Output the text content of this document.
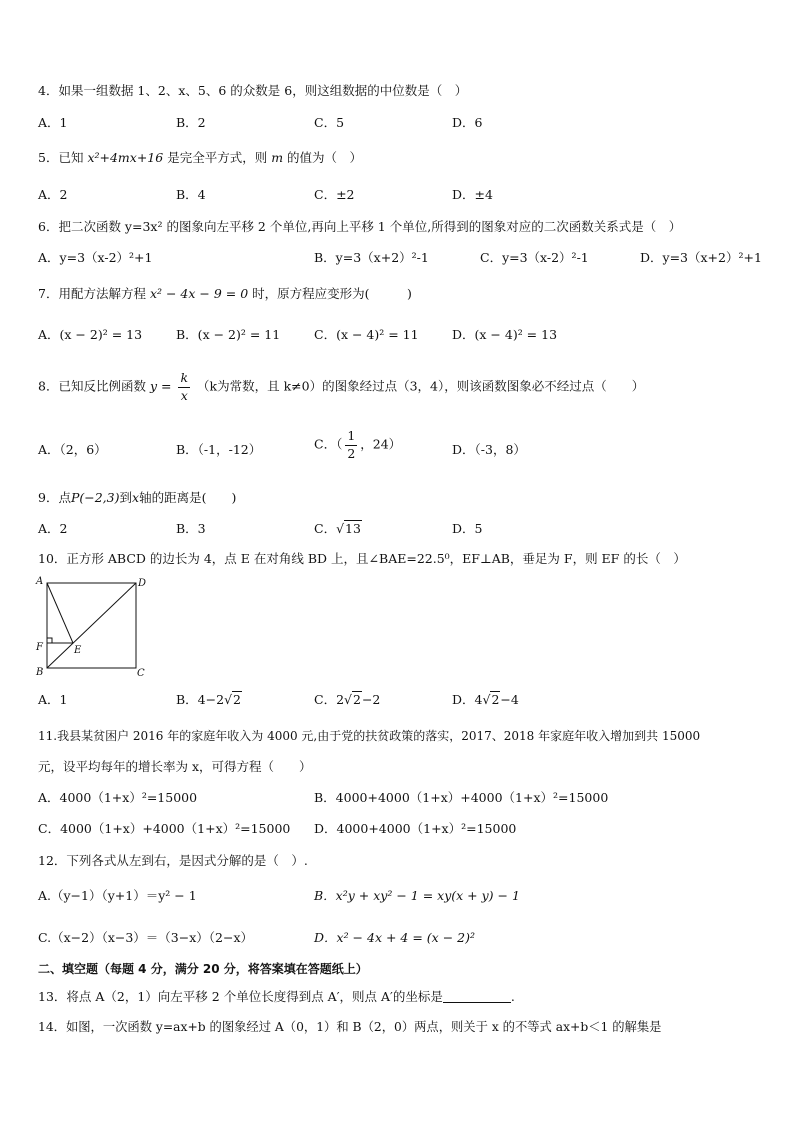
4．如果一组数据 1、2、x、5、6 的众数是 6，则这组数据的中位数是（　）
A．1	B．2	C．5	D．6
5．已知 x²+4mx+16 是完全平方式，则 m 的值为（　）
A．2	B．4	C．±2	D．±4
6．把二次函数 y=3x² 的图象向左平移 2 个单位,再向上平移 1 个单位,所得到的图象对应的二次函数关系式是（　）
A．y=3（x-2）²+1	B．y=3（x+2）²-1	C．y=3（x-2）²-1	D．y=3（x+2）²+1
7．用配方法解方程 x² − 4x − 9 = 0 时，原方程应变形为(　　　)
A．(x − 2)² = 13	B．(x − 2)² = 11	C．(x − 4)² = 11	D．(x − 4)² = 13
8．已知反比例函数 $y = \frac{k}{x} (k$为常数，且 k≠0）的图象经过点（3，4），则该函数图象必不经过点（　　）
A．（2，6）	B．（-1，-12）	C．（ $\frac{1}{2}$ ，24）	D．（-3，8）
9．点P(−2,3)到x轴的距离是(　　)
A．2	B．3	C．√13	D．5
10．正方形 ABCD 的边长为 4，点 E 在对角线 BD 上，且∠BAE=22.5⁰，EF⊥AB，垂足为 F，则 EF 的长（　）
A	D
F	E
B	C
A．1	B．4−2√2	C．2√2−2	D．4√2−4
11.我县某贫困户 2016 年的家庭年收入为 4000 元,由于党的扶贫政策的落实，2017、2018 年家庭年收入增加到共 15000
元，设平均每年的增长率为 x，可得方程（　　）
A．4000（1+x）²=15000	B．4000+4000（1+x）+4000（1+x）²=15000
C．4000（1+x）+4000（1+x）²=15000 D．4000+4000（1+x）²=15000
12．下列各式从左到右，是因式分解的是（　）.
A.（y−1）（y+1）＝y² − 1	B．x²y + xy² − 1 = xy(x + y) − 1
C.（x−2）（x−3）＝（3−x）（2−x）	D．x² − 4x + 4 = (x − 2)²
二、填空题（每题 4 分，满分 20 分，将答案填在答题纸上）
13．将点 A（2，1）向左平移 2 个单位长度得到点 A′，则点 A′的坐标是	.
14．如图，一次函数 y=ax+b 的图象经过 A（0，1）和 B（2，0）两点，则关于 x 的不等式 ax+b＜1 的解集是
